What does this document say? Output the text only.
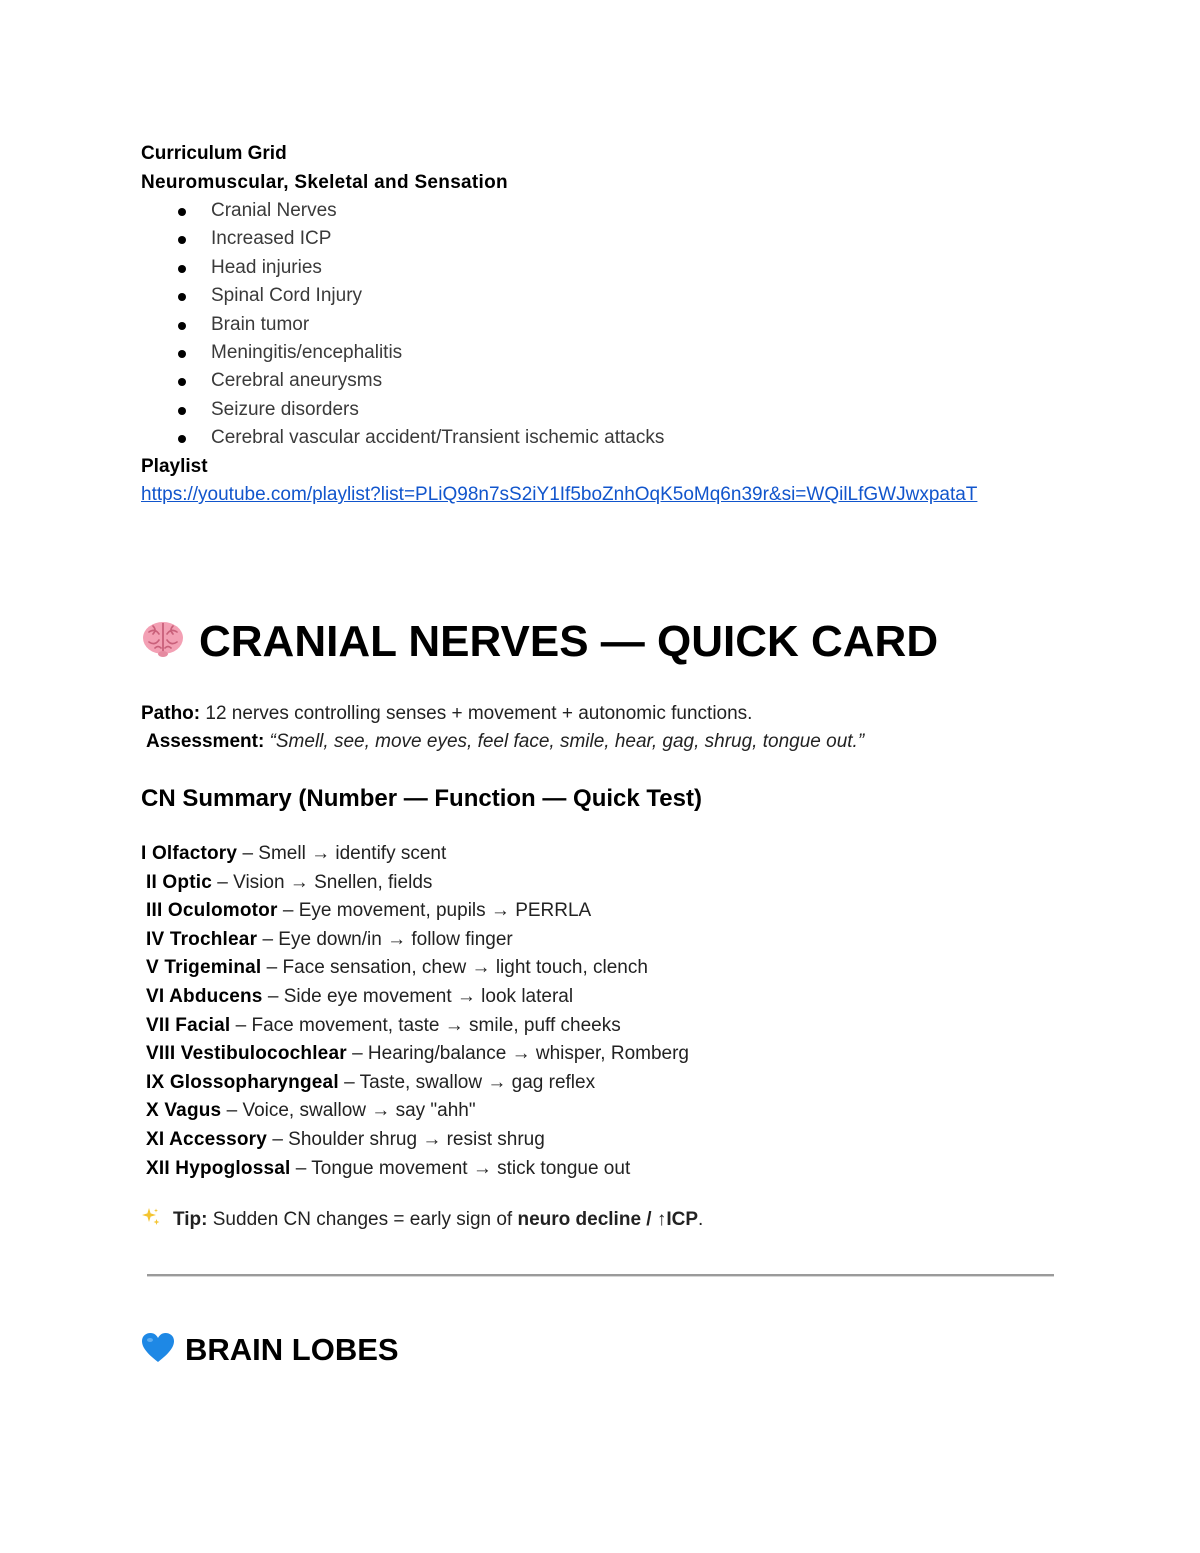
Curriculum Grid
Neuromuscular, Skeletal and Sensation
Cranial Nerves
Increased ICP
Head injuries
Spinal Cord Injury
Brain tumor
Meningitis/encephalitis
Cerebral aneurysms
Seizure disorders
Cerebral vascular accident/Transient ischemic attacks
Playlist
https://youtube.com/playlist?list=PLiQ98n7sS2iY1If5boZnhOqK5oMq6n39r&si=WQilLfGWJwxpataT
CRANIAL NERVES — QUICK CARD
Patho: 12 nerves controlling senses + movement + autonomic functions.
Assessment: “Smell, see, move eyes, feel face, smile, hear, gag, shrug, tongue out.”
CN Summary (Number — Function — Quick Test)
I Olfactory – Smell → identify scent
II Optic – Vision → Snellen, fields
III Oculomotor – Eye movement, pupils → PERRLA
IV Trochlear – Eye down/in → follow finger
V Trigeminal – Face sensation, chew → light touch, clench
VI Abducens – Side eye movement → look lateral
VII Facial – Face movement, taste → smile, puff cheeks
VIII Vestibulocochlear – Hearing/balance → whisper, Romberg
IX Glossopharyngeal – Taste, swallow → gag reflex
X Vagus – Voice, swallow → say "ahh"
XI Accessory – Shoulder shrug → resist shrug
XII Hypoglossal – Tongue movement → stick tongue out
Tip: Sudden CN changes = early sign of neuro decline / ↑ICP.
BRAIN LOBES
